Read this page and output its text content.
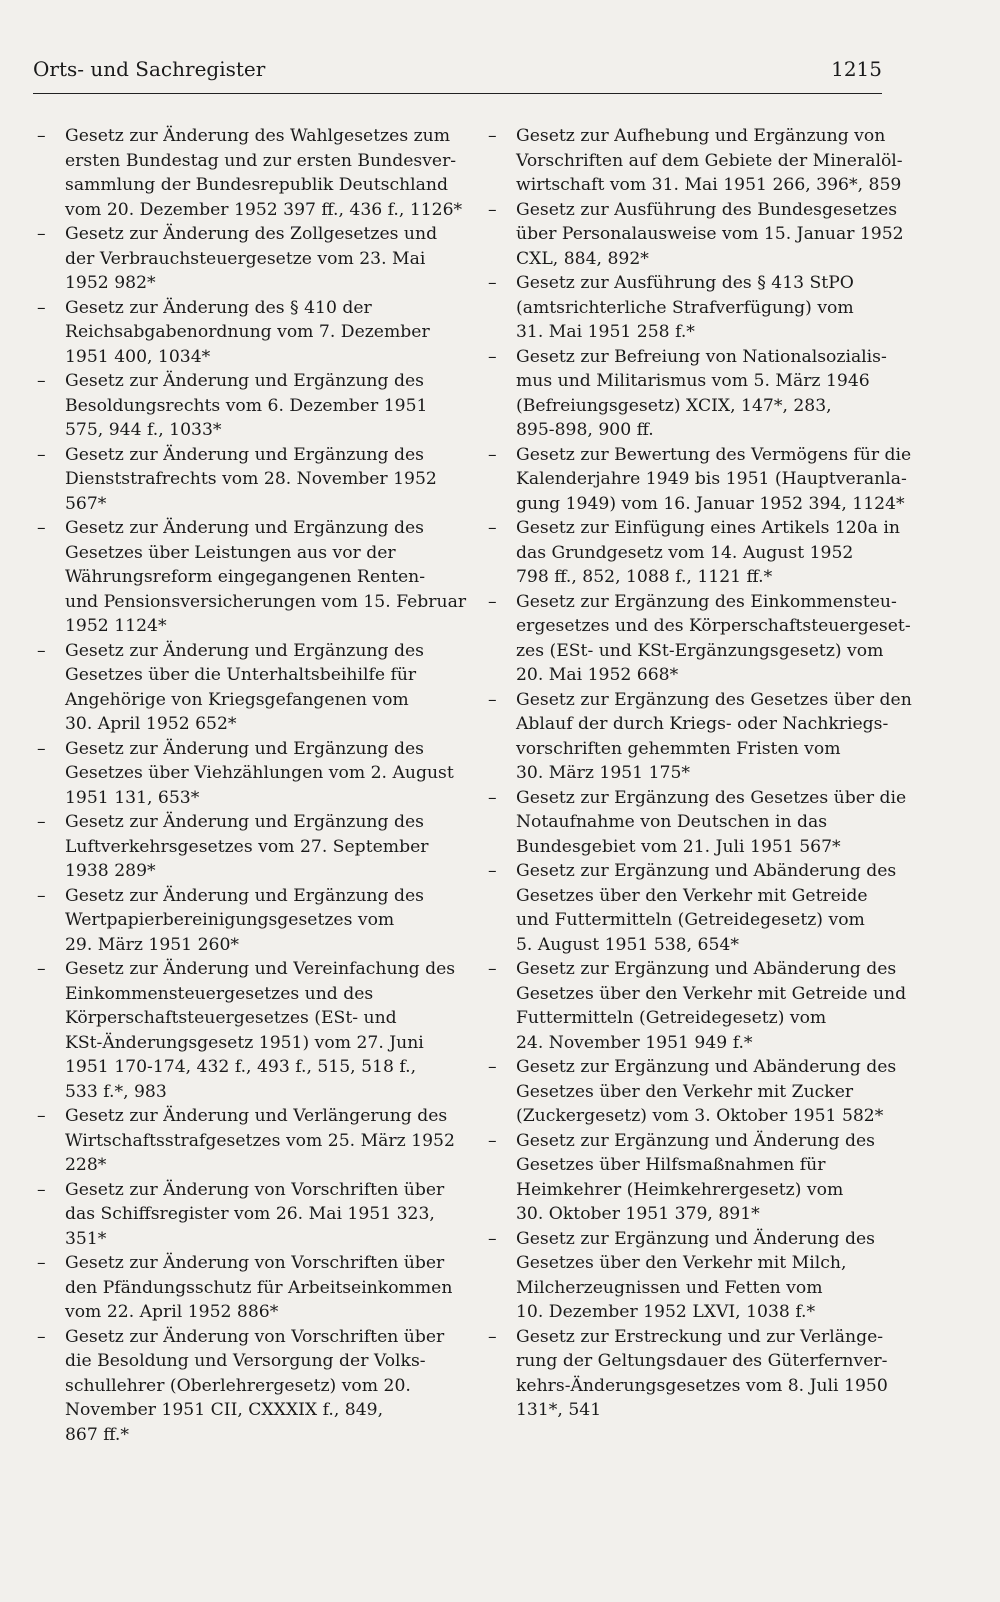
Orts- und Sachregister	1215
– Gesetz zur Änderung des Wahlgesetzes zum
ersten Bundestag und zur ersten Bundesver-
sammlung der Bundesrepublik Deutschland
vom 20. Dezember 1952 397 ff., 436 f., 1126*
– Gesetz zur Änderung des Zollgesetzes und
der Verbrauchsteuergesetze vom 23. Mai
1952 982*
– Gesetz zur Änderung des § 410 der
Reichsabgabenordnung vom 7. Dezember
1951 400, 1034*
– Gesetz zur Änderung und Ergänzung des
Besoldungsrechts vom 6. Dezember 1951
575, 944 f., 1033*
– Gesetz zur Änderung und Ergänzung des
Dienststrafrechts vom 28. November 1952
567*
– Gesetz zur Änderung und Ergänzung des
Gesetzes über Leistungen aus vor der
Währungsreform eingegangenen Renten-
und Pensionsversicherungen vom 15. Februar
1952 1124*
– Gesetz zur Änderung und Ergänzung des
Gesetzes über die Unterhaltsbeihilfe für
Angehörige von Kriegsgefangenen vom
30. April 1952 652*
– Gesetz zur Änderung und Ergänzung des
Gesetzes über Viehzählungen vom 2. August
1951 131, 653*
– Gesetz zur Änderung und Ergänzung des
Luftverkehrsgesetzes vom 27. September
1938 289*
– Gesetz zur Änderung und Ergänzung des
Wertpapierbereinigungsgesetzes vom
29. März 1951 260*
– Gesetz zur Änderung und Vereinfachung des
Einkommensteuergesetzes und des
Körperschaftsteuergesetzes (ESt- und
KSt-Änderungsgesetz 1951) vom 27. Juni
1951 170-174, 432 f., 493 f., 515, 518 f.,
533 f.*, 983
– Gesetz zur Änderung und Verlängerung des
Wirtschaftsstrafgesetzes vom 25. März 1952
228*
– Gesetz zur Änderung von Vorschriften über
das Schiffsregister vom 26. Mai 1951 323,
351*
– Gesetz zur Änderung von Vorschriften über
den Pfändungsschutz für Arbeitseinkommen
vom 22. April 1952 886*
– Gesetz zur Änderung von Vorschriften über
die Besoldung und Versorgung der Volks-
schullehrer (Oberlehrergesetz) vom 20.
November 1951 CII, CXXXIX f., 849,
867 ff.*
– Gesetz zur Aufhebung und Ergänzung von
Vorschriften auf dem Gebiete der Mineralöl-
wirtschaft vom 31. Mai 1951 266, 396*, 859
– Gesetz zur Ausführung des Bundesgesetzes
über Personalausweise vom 15. Januar 1952
CXL, 884, 892*
– Gesetz zur Ausführung des § 413 StPO
(amtsrichterliche Strafverfügung) vom
31. Mai 1951 258 f.*
– Gesetz zur Befreiung von Nationalsozialis-
mus und Militarismus vom 5. März 1946
(Befreiungsgesetz) XCIX, 147*, 283,
895-898, 900 ff.
– Gesetz zur Bewertung des Vermögens für die
Kalenderjahre 1949 bis 1951 (Hauptveranla-
gung 1949) vom 16. Januar 1952 394, 1124*
– Gesetz zur Einfügung eines Artikels 120a in
das Grundgesetz vom 14. August 1952
798 ff., 852, 1088 f., 1121 ff.*
– Gesetz zur Ergänzung des Einkommensteu-
ergesetzes und des Körperschaftsteuergeset-
zes (ESt- und KSt-Ergänzungsgesetz) vom
20. Mai 1952 668*
– Gesetz zur Ergänzung des Gesetzes über den
Ablauf der durch Kriegs- oder Nachkriegs-
vorschriften gehemmten Fristen vom
30. März 1951 175*
– Gesetz zur Ergänzung des Gesetzes über die
Notaufnahme von Deutschen in das
Bundesgebiet vom 21. Juli 1951 567*
– Gesetz zur Ergänzung und Abänderung des
Gesetzes über den Verkehr mit Getreide
und Futtermitteln (Getreidegesetz) vom
5. August 1951 538, 654*
– Gesetz zur Ergänzung und Abänderung des
Gesetzes über den Verkehr mit Getreide und
Futtermitteln (Getreidegesetz) vom
24. November 1951 949 f.*
– Gesetz zur Ergänzung und Abänderung des
Gesetzes über den Verkehr mit Zucker
(Zuckergesetz) vom 3. Oktober 1951 582*
– Gesetz zur Ergänzung und Änderung des
Gesetzes über Hilfsmaßnahmen für
Heimkehrer (Heimkehrergesetz) vom
30. Oktober 1951 379, 891*
– Gesetz zur Ergänzung und Änderung des
Gesetzes über den Verkehr mit Milch,
Milcherzeugnissen und Fetten vom
10. Dezember 1952 LXVI, 1038 f.*
– Gesetz zur Erstreckung und zur Verlänge-
rung der Geltungsdauer des Güterfernver-
kehrs-Änderungsgesetzes vom 8. Juli 1950
131*, 541
